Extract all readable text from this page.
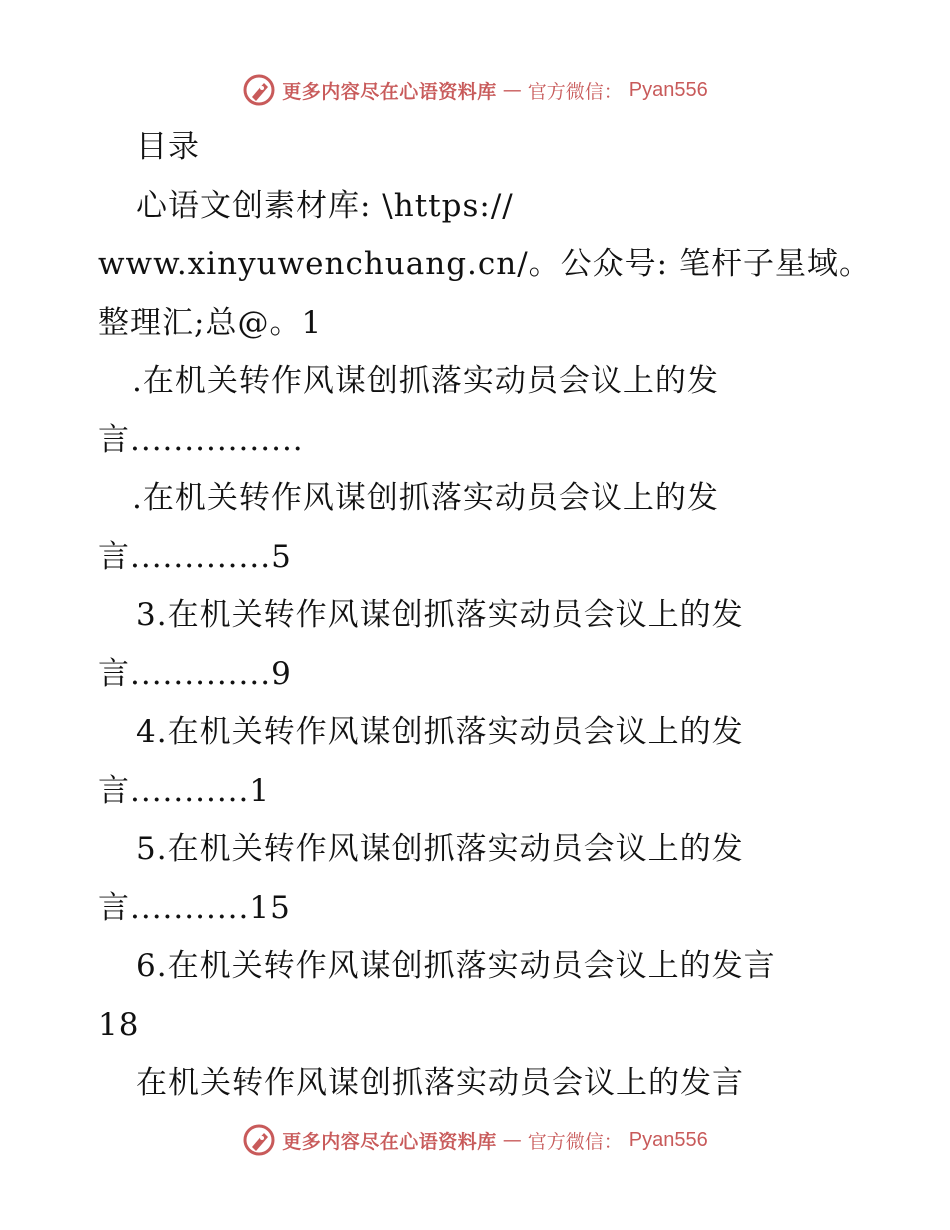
更多内容尽在心语资料库 — 官方微信： Pyan556
目录
心语文创素材库: \https://
www.xinyuwenchuang.cn/。公众号: 笔杆子星域。
整理汇;总@。1
.在机关转作风谋创抓落实动员会议上的发
言................
.在机关转作风谋创抓落实动员会议上的发
言.............5
3.在机关转作风谋创抓落实动员会议上的发
言.............9
4.在机关转作风谋创抓落实动员会议上的发
言...........1
5.在机关转作风谋创抓落实动员会议上的发
言...........15
6.在机关转作风谋创抓落实动员会议上的发言
18
在机关转作风谋创抓落实动员会议上的发言
更多内容尽在心语资料库 — 官方微信： Pyan556
